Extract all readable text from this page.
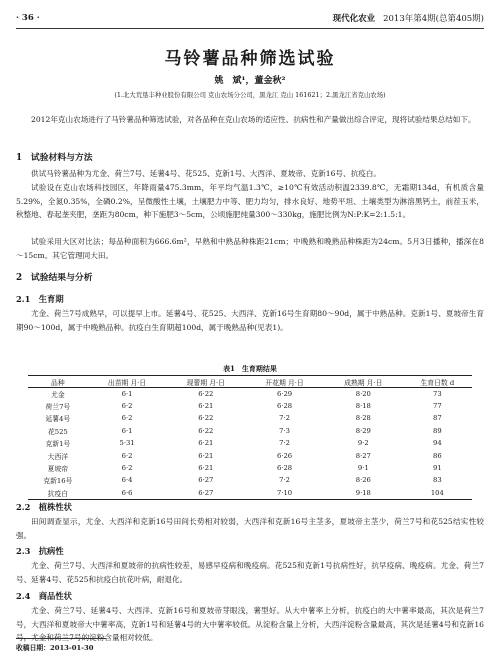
· 36 ·	现代化农业 2013年第4期(总第405期)
马铃薯品种筛选试验
姚　斌¹，董金秋²
(1.北大荒垦丰种业股份有限公司 克山农场分公司，黑龙江 克山 161621；2.黑龙江省克山农场)
2012年克山农场进行了马铃薯品种筛选试验，对各品种在克山农场的适应性、抗病性和产量做出综合评定，现将试验结果总结如下。
1　试验材料与方法
供试马铃薯品种为尤金、荷兰7号、延薯4号、花525、克新1号、大西洋、夏坡帝、克新16号、抗疫白。
试验设在克山农场科技园区，年降雨量475.3mm，年平均气温1.3℃，≥10℃有效活动积温2339.8℃，无霜期134d，有机质含量5.29%，全氮0.35%，全磷0.2%，呈微酸性土壤，土壤肥力中等、肥力均匀，排水良好、地势平坦、土壤类型为淋溶黑钙土，前茬玉米，秋整地、春起垄夹肥，垄距为80cm，种下施肥3～5cm，公顷施肥纯量300～330kg，施肥比例为N:P:K=2:1.5:1。
试验采用大区对比法；每品种面积为666.6m²，早熟和中熟品种株距21cm；中晚熟和晚熟品种株距为24cm。5月3日播种，播深在8～15cm。其它管理同大田。
2　试验结果与分析
2.1　生育期
尤金、荷兰7号成熟早，可以提早上市。延薯4号、花525、大西洋、克新16号生育期80～90d，属于中熟品种。克新1号、夏坡帝生育期90～100d，属于中晚熟品种。抗疫白生育期超100d，属于晚熟品种(见表1)。
表1　生育期结果
品种	出苗期 月·日	现蕾期 月·日	开花期 月·日	成熟期 月·日	生育日数 d
尤金	6·1	6·22	6·29	8·20	73
荷兰7号	6·2	6·21	6·28	8·18	77
延薯4号	6·2	6·22	7·2	8·28	87
花525	6·1	6·22	7·3	8·29	89
克新1号	5·31	6·21	7·2	9·2	94
大西洋	6·2	6·21	6·26	8·27	86
夏坡帝	6·2	6·21	6·28	9·1	91
克新16号	6·4	6·27	7·2	8·26	83
抗疫白	6·6	6·27	7·10	9·18	104
2.2　植株性状
田间调查显示，尤金、大西洋和克新16号田间长势相对较弱，大西洋和克新16号主茎多，夏坡帝主茎少，荷兰7号和花525结实性较强。
2.3　抗病性
尤金、荷兰7号、大西洋和夏坡帝的抗病性较差，易感早疫病和晚疫病。花525和克新1号抗病性好，抗早疫病、晚疫病。尤金、荷兰7号、延薯4号、花525和抗疫白抗花叶病，耐退化。
2.4　商品性状
尤金、荷兰7号、延薯4号、大西洋、克新16号和夏坡帝芽眼浅，薯型好。从大中薯率上分析，抗疫白的大中薯率最高，其次是荷兰7号，大西洋和夏坡帝大中薯率高，克新1号和延薯4号的大中薯率较低。从淀粉含量上分析，大西洋淀粉含量最高，其次是延薯4号和克新16号，尤金和荷兰7号的淀粉含量相对较低。
收稿日期：2013-01-30
